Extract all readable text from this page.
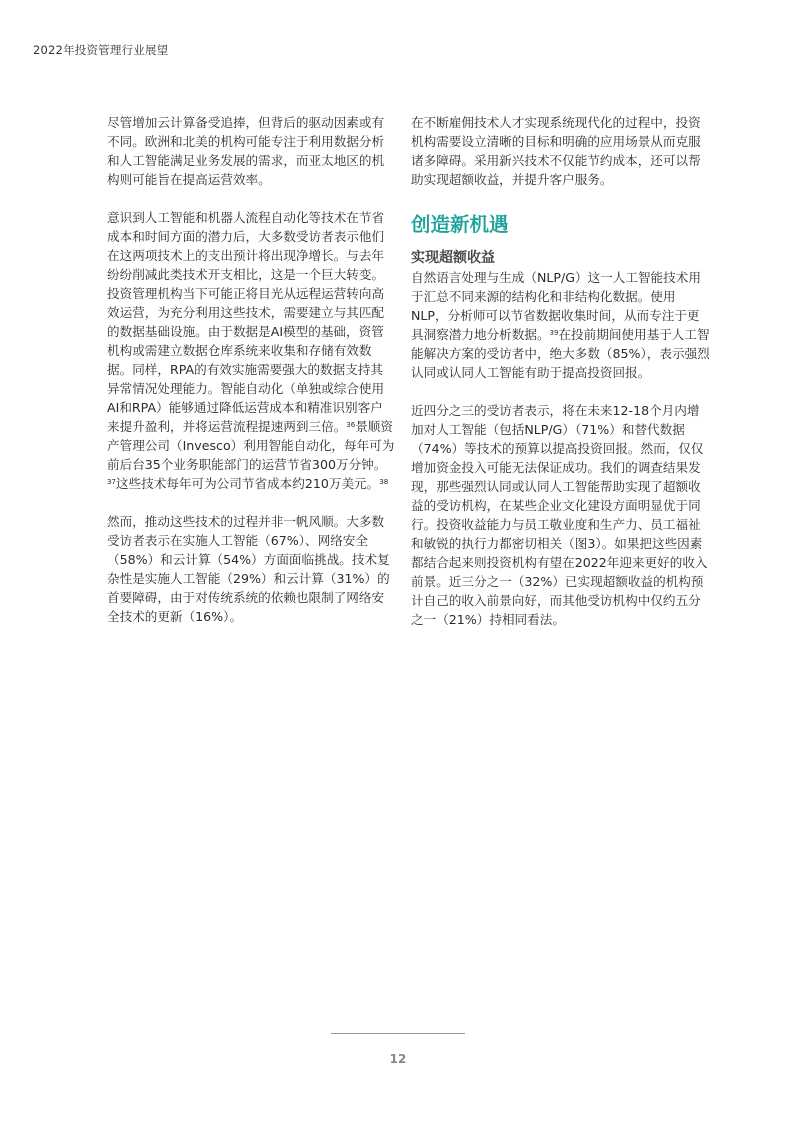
2022年投资管理行业展望

尽管增加云计算备受追捧，但背后的驱动因素或有不同。欧洲和北美的机构可能专注于利用数据分析和人工智能满足业务发展的需求，而亚太地区的机构则可能旨在提高运营效率。

意识到人工智能和机器人流程自动化等技术在节省成本和时间方面的潜力后，大多数受访者表示他们在这两项技术上的支出预计将出现净增长。与去年纷纷削减此类技术开支相比，这是一个巨大转变。投资管理机构当下可能正将目光从远程运营转向高效运营，为充分利用这些技术，需要建立与其匹配的数据基础设施。由于数据是AI模型的基础，资管机构或需建立数据仓库系统来收集和存储有效数据。同样，RPA的有效实施需要强大的数据支持其异常情况处理能力。智能自动化（单独或综合使用AI和RPA）能够通过降低运营成本和精准识别客户来提升盈利，并将运营流程提速两到三倍。$^{36}$景顺资产管理公司（Invesco）利用智能自动化，每年可为前后台35个业务职能部门的运营节省300万分钟。$^{37}$这些技术每年可为公司节省成本约210万美元。$^{38}$

然而，推动这些技术的过程并非一帆风顺。大多数受访者表示在实施人工智能（67%）、网络安全（58%）和云计算（54%）方面面临挑战。技术复杂性是实施人工智能（29%）和云计算（31%）的首要障碍，由于对传统系统的依赖也限制了网络安全技术的更新（16%）。

在不断雇佣技术人才实现系统现代化的过程中，投资机构需要设立清晰的目标和明确的应用场景从而克服诸多障碍。采用新兴技术不仅能节约成本，还可以帮助实现超额收益，并提升客户服务。

创造新机遇
实现超额收益

自然语言处理与生成（NLP/G）这一人工智能技术用于汇总不同来源的结构化和非结构化数据。使用NLP，分析师可以节省数据收集时间，从而专注于更具洞察潜力地分析数据。$^{39}$在投前期间使用基于人工智能解决方案的受访者中，绝大多数（85%），表示强烈认同或认同人工智能有助于提高投资回报。

近四分之三的受访者表示，将在未来12-18个月内增加对人工智能（包括NLP/G）（71%）和替代数据（74%）等技术的预算以提高投资回报。然而，仅仅增加资金投入可能无法保证成功。我们的调查结果发现，那些强烈认同或认同人工智能帮助实现了超额收益的受访机构，在某些企业文化建设方面明显优于同行。投资收益能力与员工敬业度和生产力、员工福祉和敏锐的执行力都密切相关（图3）。如果把这些因素都结合起来则投资机构有望在2022年迎来更好的收入前景。近三分之一（32%）已实现超额收益的机构预计自己的收入前景向好，而其他受访机构中仅约五分之一（21%）持相同看法。

12
